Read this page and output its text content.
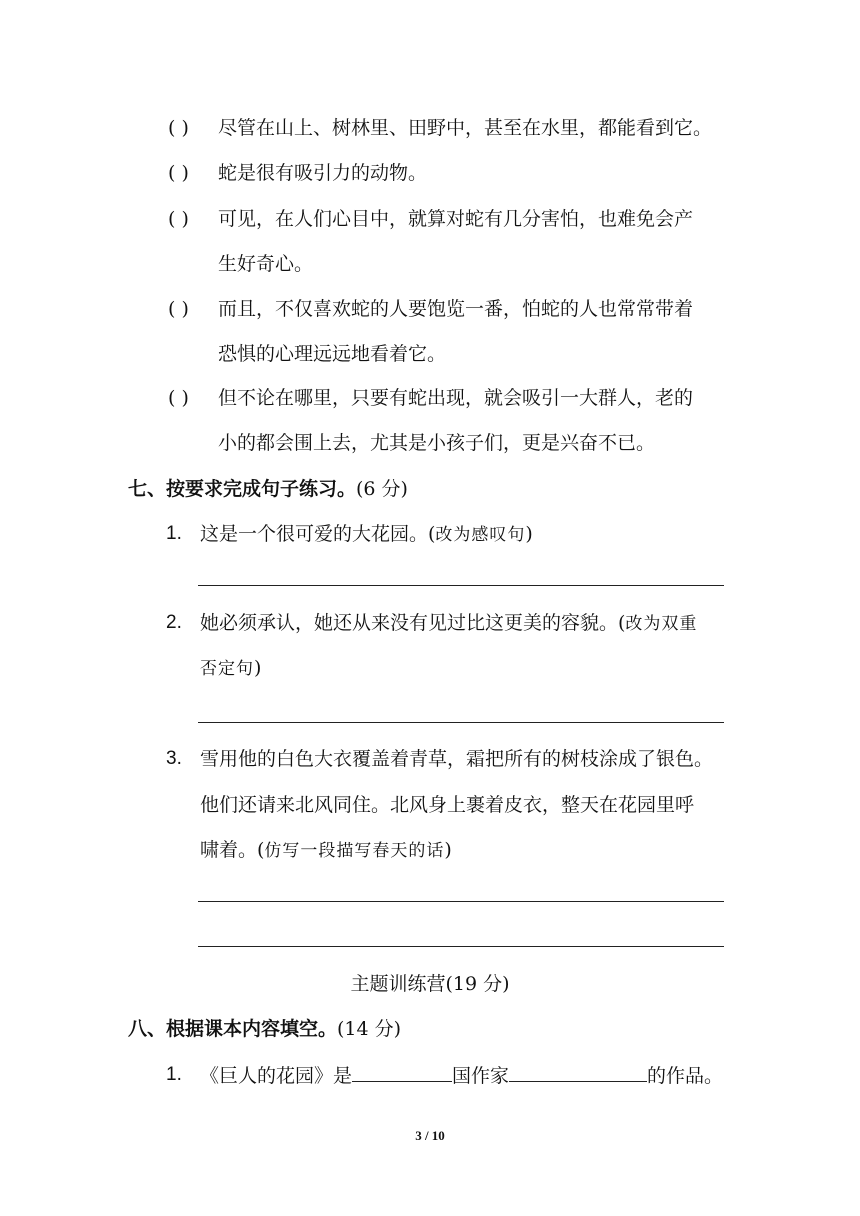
( ) 尽管在山上、树林里、田野中，甚至在水里，都能看到它。
( ) 蛇是很有吸引力的动物。
( ) 可见，在人们心目中，就算对蛇有几分害怕，也难免会产
生好奇心。
( ) 而且，不仅喜欢蛇的人要饱览一番，怕蛇的人也常常带着
恐惧的心理远远地看着它。
( ) 但不论在哪里，只要有蛇出现，就会吸引一大群人，老的
小的都会围上去，尤其是小孩子们，更是兴奋不已。
七、按要求完成句子练习。(6 分)
1. 这是一个很可爱的大花园。(改为感叹句)
2. 她必须承认，她还从来没有见过比这更美的容貌。(改为双重
否定句)
3. 雪用他的白色大衣覆盖着青草，霜把所有的树枝涂成了银色。
他们还请来北风同住。北风身上裹着皮衣，整天在花园里呼
啸着。(仿写一段描写春天的话)
主题训练营(19 分)
八、根据课本内容填空。(14 分)
1. 《巨人的花园》是	国作家	的作品。
3 / 10
